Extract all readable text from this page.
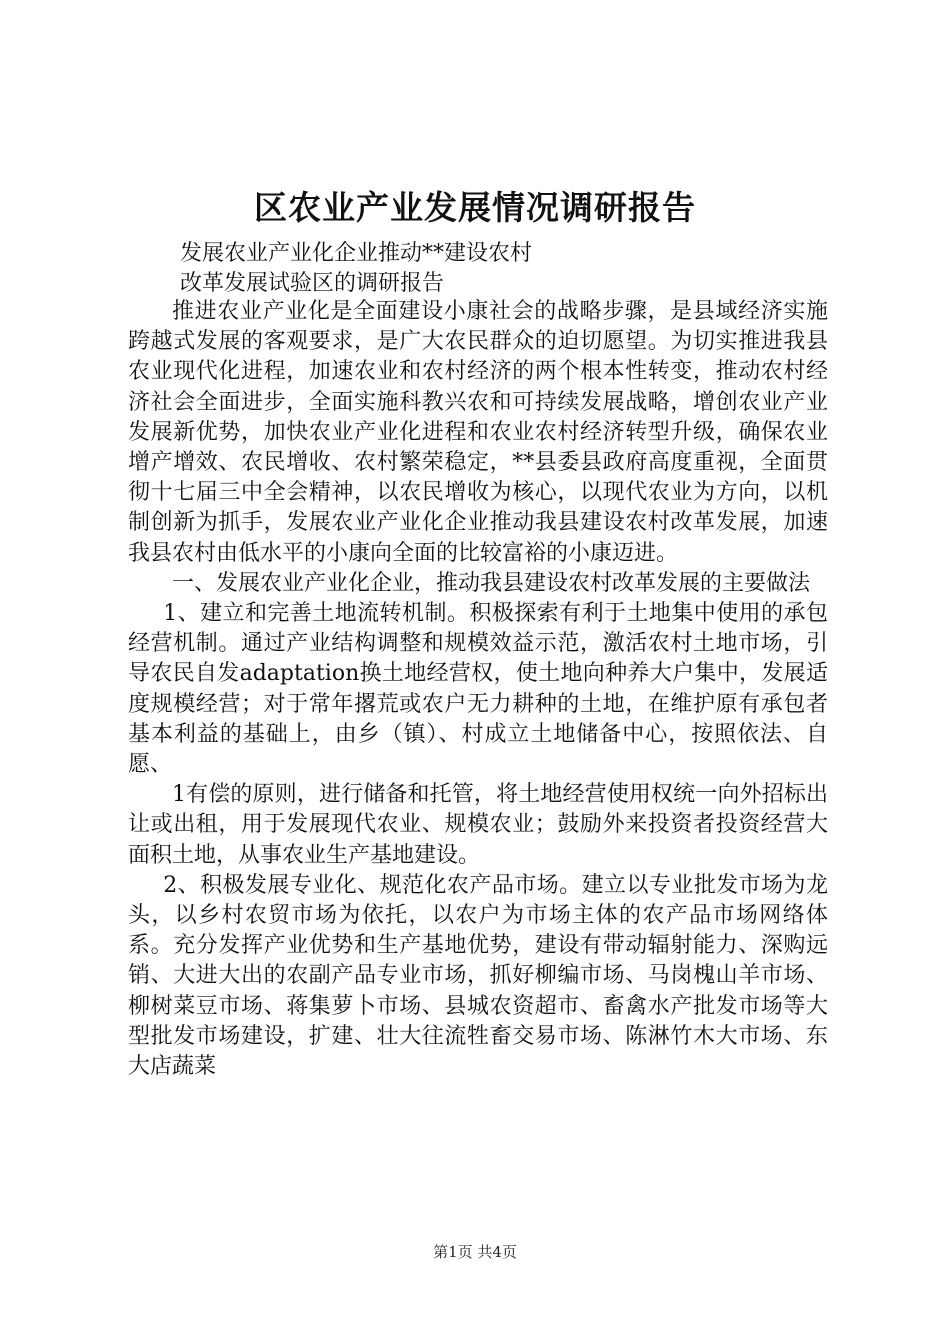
区农业产业发展情况调研报告
发展农业产业化企业推动**建设农村
改革发展试验区的调研报告

推进农业产业化是全面建设小康社会的战略步骤，是县域经济实施跨越式发展的客观要求，是广大农民群众的迫切愿望。为切实推进我县农业现代化进程，加速农业和农村经济的两个根本性转变，推动农村经济社会全面进步，全面实施科教兴农和可持续发展战略，增创农业产业发展新优势，加快农业产业化进程和农业农村经济转型升级，确保农业增产增效、农民增收、农村繁荣稳定，**县委县政府高度重视，全面贯彻十七届三中全会精神，以农民增收为核心，以现代农业为方向，以机制创新为抓手，发展农业产业化企业推动我县建设农村改革发展，加速我县农村由低水平的小康向全面的比较富裕的小康迈进。

一、发展农业产业化企业，推动我县建设农村改革发展的主要做法

1、建立和完善土地流转机制。积极探索有利于土地集中使用的承包经营机制。通过产业结构调整和规模效益示范，激活农村土地市场，引导农民自发adaptation换土地经营权，使土地向种养大户集中，发展适度规模经营；对于常年撂荒或农户无力耕种的土地，在维护原有承包者基本利益的基础上，由乡（镇）、村成立土地储备中心，按照依法、自愿、

1有偿的原则，进行储备和托管，将土地经营使用权统一向外招标出让或出租，用于发展现代农业、规模农业；鼓励外来投资者投资经营大面积土地，从事农业生产基地建设。

2、积极发展专业化、规范化农产品市场。建立以专业批发市场为龙头，以乡村农贸市场为依托，以农户为市场主体的农产品市场网络体系。充分发挥产业优势和生产基地优势，建设有带动辐射能力、深购远销、大进大出的农副产品专业市场，抓好柳编市场、马岗槐山羊市场、柳树菜豆市场、蒋集萝卜市场、县城农资超市、畜禽水产批发市场等大型批发市场建设，扩建、壮大往流牲畜交易市场、陈淋竹木大市场、东大店蔬菜

第1页 共4页
